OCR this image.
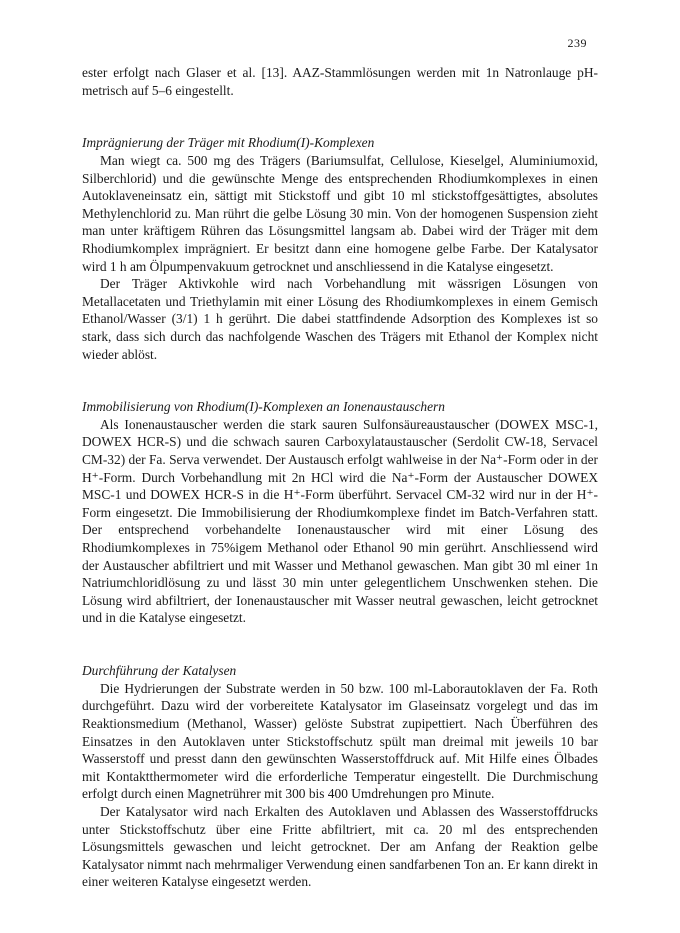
239

ester erfolgt nach Glaser et al. [13]. AAZ-Stammlösungen werden mit 1n Natronlauge pH-metrisch auf 5–6 eingestellt.

Imprägnierung der Träger mit Rhodium(I)-Komplexen

Man wiegt ca. 500 mg des Trägers (Bariumsulfat, Cellulose, Kieselgel, Aluminiumoxid, Silberchlorid) und die gewünschte Menge des entsprechenden Rhodiumkomplexes in einen Autoklaveneinsatz ein, sättigt mit Stickstoff und gibt 10 ml stickstoffgesättigtes, absolutes Methylenchlorid zu. Man rührt die gelbe Lösung 30 min. Von der homogenen Suspension zieht man unter kräftigem Rühren das Lösungsmittel langsam ab. Dabei wird der Träger mit dem Rhodiumkomplex imprägniert. Er besitzt dann eine homogene gelbe Farbe. Der Katalysator wird 1 h am Ölpumpenvakuum getrocknet und anschliessend in die Katalyse eingesetzt.

Der Träger Aktivkohle wird nach Vorbehandlung mit wässrigen Lösungen von Metallacetaten und Triethylamin mit einer Lösung des Rhodiumkomplexes in einem Gemisch Ethanol/Wasser (3/1) 1 h gerührt. Die dabei stattfindende Adsorption des Komplexes ist so stark, dass sich durch das nachfolgende Waschen des Trägers mit Ethanol der Komplex nicht wieder ablöst.

Immobilisierung von Rhodium(I)-Komplexen an Ionenaustauschern

Als Ionenaustauscher werden die stark sauren Sulfonsäureaustauscher (DOWEX MSC-1, DOWEX HCR-S) und die schwach sauren Carboxylataustauscher (Serdolit CW-18, Servacel CM-32) der Fa. Serva verwendet. Der Austausch erfolgt wahlweise in der Na⁺-Form oder in der H⁺-Form. Durch Vorbehandlung mit 2n HCl wird die Na⁺-Form der Austauscher DOWEX MSC-1 und DOWEX HCR-S in die H⁺-Form überführt. Servacel CM-32 wird nur in der H⁺-Form eingesetzt. Die Immobilisierung der Rhodiumkomplexe findet im Batch-Verfahren statt. Der entsprechend vorbehandelte Ionenaustauscher wird mit einer Lösung des Rhodiumkomplexes in 75%igem Methanol oder Ethanol 90 min gerührt. Anschliessend wird der Austauscher abfiltriert und mit Wasser und Methanol gewaschen. Man gibt 30 ml einer 1n Natriumchloridlösung zu und lässt 30 min unter gelegentlichem Unschwenken stehen. Die Lösung wird abfiltriert, der Ionenaustauscher mit Wasser neutral gewaschen, leicht getrocknet und in die Katalyse eingesetzt.

Durchführung der Katalysen

Die Hydrierungen der Substrate werden in 50 bzw. 100 ml-Laborautoklaven der Fa. Roth durchgeführt. Dazu wird der vorbereitete Katalysator im Glaseinsatz vorgelegt und das im Reaktionsmedium (Methanol, Wasser) gelöste Substrat zupipettiert. Nach Überführen des Einsatzes in den Autoklaven unter Stickstoffschutz spült man dreimal mit jeweils 10 bar Wasserstoff und presst dann den gewünschten Wasserstoffdruck auf. Mit Hilfe eines Ölbades mit Kontaktthermometer wird die erforderliche Temperatur eingestellt. Die Durchmischung erfolgt durch einen Magnetrührer mit 300 bis 400 Umdrehungen pro Minute.

Der Katalysator wird nach Erkalten des Autoklaven und Ablassen des Wasserstoffdrucks unter Stickstoffschutz über eine Fritte abfiltriert, mit ca. 20 ml des entsprechenden Lösungsmittels gewaschen und leicht getrocknet. Der am Anfang der Reaktion gelbe Katalysator nimmt nach mehrmaliger Verwendung einen sandfarbenen Ton an. Er kann direkt in einer weiteren Katalyse eingesetzt werden.
